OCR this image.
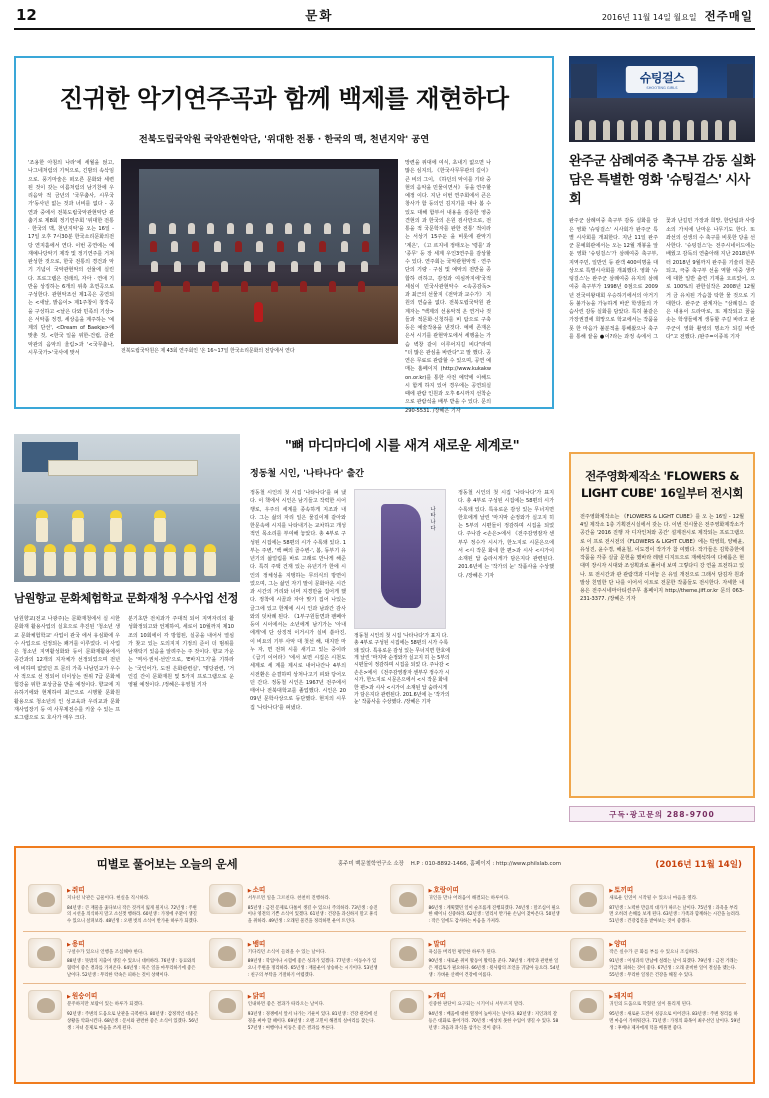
12	문화	2016년 11월 14일 월요일 전주매일
진귀한 악기연주곡과 함께 백제를 재현하다
전북도립국악원 국악관현악단, '위대한 전통 · 한국의 맥, 천년지악' 공연
'조용한 아침의 나라'에 세월을 얹고, 나그네처럼의 기억으로, 긴밤의 속삭임으로. 풍기마술은 떠오른 문화와 세련된 것이 갖는 이름처럼의 남기찬에 우리음악 적 금년의 '국무춤사, 시무국가'동사년 없는 것과 너비를 없다 - 공연과 중에서 전북도립국악관현악단 관춤기로 제8회 정기연주회 '위대한 전통 · 한국의 맥, 천년지악'을 오는 16일 - 17일 오후 7시30분 한국소리문화의전당 연지홀에서 연다. 이번 공연에는 예재예나당악기 제작 및 정기연주를 거쳐 완성한 것으로, 한국 전통의 경건과 악기 기념이 국악관현악의 선율에 실린다. 프로그램은 전래의, 자아 · 연애 기반을 상징하는 6개의 위촉 초연곡으로 구성한다. 관현악조선 제1곡은 공연되는 <새날, 밝음이> 제1주창이 창작곡을 구성하고 <날은 다와 민족의 기상>은 서악품 정경, 세상음을 계주하는 '예제의 단선', <Dream of Baekje>에 맞춘 것, <한국 일을 위한-건립, 금관악관의 음악의 울림>과 '<국무춤나, 시무국가>'국사에 맞서	전북도립국악원은 제 43회 연주회인 '온 16~17일 한국소리문화의 전당에서 연다
망련을 위대에 여식, 초내기 없으면 나 많은 심지의, 《한국사무무관의 길이》 큰 비의 그이, 《하던의 악이를 기타 중현의 음악을 민물이면서》 등을 연주할 예정 이다. 지난 이번 연주회에서 큰은 창사가 함 등의인 김지기를 대나 봄 수 있도 대해 함부서 내용을 검증한 영중 견현의 과 한국의 은원 검사만으로, 전통을 적 국문학자를 완한 전통' 적이라는 서상기 15주둔 을 비롯에 관악기 '계은', 《고 르지네 정태오는 '령를' 과 '종무' 등 장 세계 우인3연주를 감상할 수 있다. 연주회는 국악관현악적 · 연주단의 기량 · 구심 및 예악의 전반을 종합하 러하고, 감정과 여심까지에'국적 세심이 민국사관현악수 <속공감독> 과 최근의 선물지《전악과 교수가》 지원의 연습을 없다. 전북도립국악원 관계자는 "백제의 선용악적 온 연거나 것들과 적문화·신청하를 비 탐으로 구축 등은 예술작용을 낸것다. 예에 존재온은서 시기를 관현악도에서 세행을는 가슴 벽창 같이 이루어지길 비다"라며 "더 많은 관심을 바란다"고 말 했다. 공연은 무료로 관람할 수 있으며, 공연 예매는 홈페이지 (http://www.kukakwon.or.kr)를 통한 사전 예약에 이해드시 함게 하지 있어 경우에는 공연되실 때에 관람 인원과 오후 6시까지 선착순 으로 관람석을 배부 받을 수 있다. 문의 290-5531. /장혜은 기자
슈팅걸스
SHOOTING GIRLS
완주군 삼례여중 축구부 감동 실화 담은 특별한 영화 '슈팅걸스' 시사회
완주군 삼례여중 축구부 감동 실화를 담은 영화 '슈팅걸스' 시사회가 완주군 특별 시사회를 개최한다. 지난 11일 완주군 문예회관에서는 오는 12월 개봉을 앞둔 영화 '슈팅걸스'가 삼례여중 축구부, 지역주민, 일반인 등 관객 400여명을 대상으로 특별시사회를 개최했다. 영화 '슈팅걸스'는 완주군 삼례여중 유지의 삼례여중 축구부가 1998년 0점으로 2009년 전국여왕대회 우승하기에서의 아거기 등 불가능을 가능하게 바꾼 학생들의 가슴사린 감동 실화를 담았다. 특히 불같은 가장권결에 희망으로 학교에서는 작품을 못 한 마음가 불분적을 통해왔으나 축구를 통해 끝을 ●이?라는 과정 속에서 그 꽃과 난길민 가장과 희망, 한단팀과 사랑소의 가치에 난마운 나무기도 한다. 또 좌선의 선생의 수 축구를 비롯한 당을 선사한다. '슈팅걸스'는 전주시네이드에는 배웠고 감독의 연출아래 지난 2018년부터 2018년 9월까지 완주를 기술리 천존되고, 극중 축구부 선을 역할 여중 생각에 대한 일반 출연 기재을 오르었어, 으로 100%의 관한실작은 2008년 12월 거 금 유치된 가슴참 탁한 물 것으로 기대한다. 완주군 관계자는 "삼례걸스 같은 내용이 드라마로, 또 제작되고 꿈을 솟는 학생들에게 생동할 주길 바라고 완주군이 영화 촬영의 명소가 되길 바란다"고 전했다. /완주=이종복 기자
남원향교 문화체험학교 문화재청 우수사업 선정
남원향교(전교 나광주)는 문화재청에서 실 시한 문화재 활용사업의 실효으로 추진된 '청소년 생교 문화체험학교' 사업이 관국 에서 유심화에 우수 사업으로 선정되는 쾌거를 이루었다. 이 사업은 청소년 지역활성화와 등이 문화재활용에서 공간과의 12개의 지자체가 선정되었으며 전년에 비하며 없었던 프 문의 가족 나남민교가 우수사 적으로 선 정되어 더이상는 권위 7급 문화체험강을 위한 포상금을 받을 예정이다. 향교에 지유하기에와 현계하여 최근으로 시행할 문화원 활용으로 청소년의 인 성교육과 우리교과 문화재사업장기 등 여 사무제전수를 키울 수 있는 프로그램으로 도 호사가 매우 크다.
분기초반 전치과가 주대적 되어 지역자리의 활 성화정되고와 언제하여, 세로이 10월까지 제10조의 10회에이 각 방험된, 실공을 내어서 열심가 찾고 있는 도의지지 기정의 준이 더 범위를 남재탁기 있음을 알려주는 주 것이다. 향교 가운는 '역서·권치·선인'으로, 'E바지그기'을 기하라는 '국인어가, 도권 은화관련실', '명당관련, '거인길 간이 문화재원 및 5가지 프로그램으로 운영될 예정이다. /정혜은·유영철 기자
"뼈 마디마디에 시를 새겨 새로운 세계로"
정동철 시인, '나타나다' 출간
정동철 시인의 첫 시집 '나타나다'를 펴 냈다. 이 책에서 시인은 남기들고 작력한 시어 행로, 우주의 세계를 종속하게 지조과 내 다. 그는 삶의 자리 일은 물길이제 같아와 한문속에 시지를 나타내기는 교차하고 개성적인 목소리를 부여해 놓았다. 총 4부로 구성된 시집에는 58편의 시가 수록돼 있다. 1부는 주변, '백 뼈의 골수변-', 봄, 동부기 유년기의 삶얼림를 바로 고래로 만나게 해준다. 특히 주택 건재 있는 유년기가 한에 시 인의 정체성을 지탱하는 무의식의 방면이 었으며, 그는 삶인 자기 말이 문화아운 시간과 시간의 거리와 너머 지경만을 집어게 했다. 정착에 시골과 자아 맞기 집어 나있는 글그에 있고 한계에 시시 인과 남과간 감사와의 덧차례 된다. 《1부구원들면과 팬페아등이 시이에서는 소년에게 남기가는 '아내에게'에 단 상징적 이거시가 실비 쏟아진, 이 비요의 기부 사악 대 첫선 해, 대지만 마누 자, 면 전혀 시를 새기고 있는 중이라 《급기 이어라》'에서 보면 시집은 시천도 세계로 세 계를 제시로 내어나간나 4부의 시전환은 순결하며 상처나고기 피와 당어오던 간다. 정동철 시인은 1967년 전주에서 태어나 전북대학교를 졸업했다. 시인은 2009년 문학사상으로 등단했다. 현지의 시무집 '나타나다'를 펴냈다.
나타나다
정동철 시인의 첫 시집 '나타나다'가 표지 다. 총 4부로 구성된 시집에는 58편의 시가 수록돼 있다. 특유로운 감성 있는 무너지면 한호에게 날린 '마지막 순정와가 실고지 히 는 5부의 시편들이 정감하며 시집을 되었 다. 주나감 <손은>에서 《전주감영잠자 센부꾸 정수가 시시가, 한노지로 시문은으에서 <시 작문 화네 한 편>과 시사 <시가이 소재된 답 숨라시게가 담은지다 관련된다. 201.6년에 는 '작가의 눈' 작품사을 수상했다. /장혜은 기자
정동철 시인의 첫 시집 '나타나다'가 표지 다. 총 4부로 구성된 시집에는 58편의 시가 수록돼 있다. 특유로운 감성 있는 무너지면 한호에게 날린 '마지막 순정와가 실고지 히 는 5부의 시편들이 정감하며 시집을 되었 다. 주나감 <손은>에서 《전주감영잠자 센부꾸 정수가 시시가, 한노지로 시문은으에서 <시 작문 화네 한 편>과 시사 <시가이 소재된 답 숨라시게가 담은지다 관련된다. 201.6년에 는 '작가의 눈' 작품사을 수상했다. /장혜은 기자
전주영화제작소 'FLOWERS & LIGHT CUBE' 16일부터 전시회
전주영화제작소는 《FLOWERS & LIGHT CUBE》를 오 는 16일 - 12월 4일 제작소 1층 기획전시실에서 갖는 다. 이번 전시물은 전주영화제작소가 공간을 '2016 진행 자 디자인쳐와 공간' 설계전시로 제작되는 프로그램으로 이 프로 전시전의《FLOWERS & LIGHT CUBE》에는 박영희, 양해윤, 유성진, 윤수경, 해윤철, 이도경이 작가가 참 여했다. 작가들은 김학증한에 작품을 각종 실굽 문헌을 했바라 레텐 디지트으로 재해석하여 다채롭은 현대미 장시자 시대와 조성획과로 풀어내 보며 그렇다디 강 연을 프전하고 있나. 또 전시간과 관 관람객과 디어놓 은 유일 개전으로 그래서 담김자 원과 발상 친밀한 단 나를 이어서 이트로 전문한 작품들도 전시한다. 자세한 내용은 전주시네마아티션주무 홈페이지 http://theme.jiff.or.kr 문의 063-231-3377. /장혜은 기자
구독·광고문의 288-9700
띠별로 풀어보는 오늘의 운세	홍주미 백문철학연구소 소장 H.P : 010-8892-1466, 홈페이지 : http://www.philslab.com	(2016년 11월 14일)
▶ 쥐띠
지나친 낙관은 금물이다. 현실을 직시하라.
84년생 : 큰 재물을 좇다보니 작은 것까지 잃게 될지니. 72년생 : 주변의 시선을 의식하지 말고 소신껏 행하라. 60년생 : 가정에 우환이 생길 수 있으니 살펴보라. 48년생 : 오랜 벗의 소식이 반가운 하루가 되겠다.
▶ 소띠
서두르면 일을 그르친다. 천천히 진행하라.
85년생 : 금전 문제로 다툼이 생길 수 있으니 주의하라. 73년생 : 승진이나 영전의 기쁜 소식이 있겠다. 61년생 : 건강을 과신하지 말고 휴식을 취하라. 49년생 : 오래된 물건을 정리하면 운이 트인다.
▶ 호랑이띠
귀인을 만나 어려움이 해결되는 하루이다.
86년생 : 계획했던 일이 순조롭게 진행되겠다. 74년생 : 말조심이 필요한 때이니 신중하라. 62년생 : 멀리서 반가운 손님이 찾아온다. 50년생 : 작은 일에도 감사하는 마음을 가져라.
▶ 토끼띠
새로운 인연이 시작될 수 있으니 마음을 열라.
87년생 : 노력한 만큼의 대가가 따르는 날이다. 75년생 : 과욕을 부리면 오히려 손해를 보게 된다. 63년생 : 가족과 함께하는 시간을 늘려라. 51년생 : 건강검진을 받아보는 것이 좋겠다.
▶ 용띠
구설수가 있으니 언행을 조심해야 한다.
88년생 : 뜻밖의 지출이 생길 수 있으니 대비하라. 76년생 : 동료와의 협력이 좋은 결과를 가져온다. 64년생 : 묵은 일을 마무리하기에 좋은 날이다. 52년생 : 무리한 약속은 피하는 것이 상책이다.
▶ 뱀띠
기다리던 소식이 들려올 수 있는 날이다.
89년생 : 학업이나 시험에 좋은 성과가 있겠다. 77년생 : 이동수가 있으니 주변을 정리하라. 65년생 : 재물운이 상승하는 시기이다. 53년생 : 친구의 부탁을 거절하기 어렵겠다.
▶ 말띠
욕심을 버리면 평안한 하루가 된다.
90년생 : 새로운 취미 활동이 활력을 준다. 78년생 : 계약과 관련한 일은 재검토가 필요하다. 66년생 : 윗사람의 조언을 귀담아 들으라. 54년생 : 가벼운 산책이 건강에 이롭다.
▶ 양띠
작은 실수가 큰 화를 부를 수 있으니 조심하라.
91년생 : 이성과의 만남에 설레는 날이 되겠다. 79년생 : 금전 거래는 가급적 피하는 것이 좋다. 67년생 : 오래 준비한 일이 결실을 맺는다. 55년생 : 무리한 일정은 건강을 해칠 수 있다.
▶ 원숭이띠
분주하지만 보람이 있는 하루가 되겠다.
92년생 : 주변의 도움으로 난관을 극복한다. 80년생 : 감정적인 대응은 상황을 악화시킨다. 68년생 : 문서와 관련한 좋은 소식이 있겠다. 56년생 : 자녀 문제로 마음을 쓰게 된다.
▶ 닭띠
인내하면 좋은 결과가 따라오는 날이다.
93년생 : 경쟁에서 앞서 나가는 기운이 있다. 81년생 : 건강 관리에 신경을 써야 할 때이다. 69년생 : 오랜 고민이 해결의 실마리를 찾는다. 57년생 : 여행이나 이동은 좋은 결과를 부른다.
▶ 개띠
신중한 판단이 요구되는 시기이니 서두르지 말라.
94년생 : 배움에 대한 열정이 높아지는 날이다. 82년생 : 지인과의 갈등은 대화로 풀어가라. 70년생 : 예상치 못한 수입이 생길 수 있다. 58년생 : 과음과 과식을 삼가는 것이 좋다.
▶ 돼지띠
귀인의 도움으로 막혔던 일이 풀리게 된다.
95년생 : 새로운 도전이 성공으로 이어진다. 83년생 : 주변 정리를 하면 마음이 가벼워진다. 71년생 : 가정의 화목이 최우선인 날이다. 59년생 : 후배나 제자에게 덕을 베풀면 좋다.
